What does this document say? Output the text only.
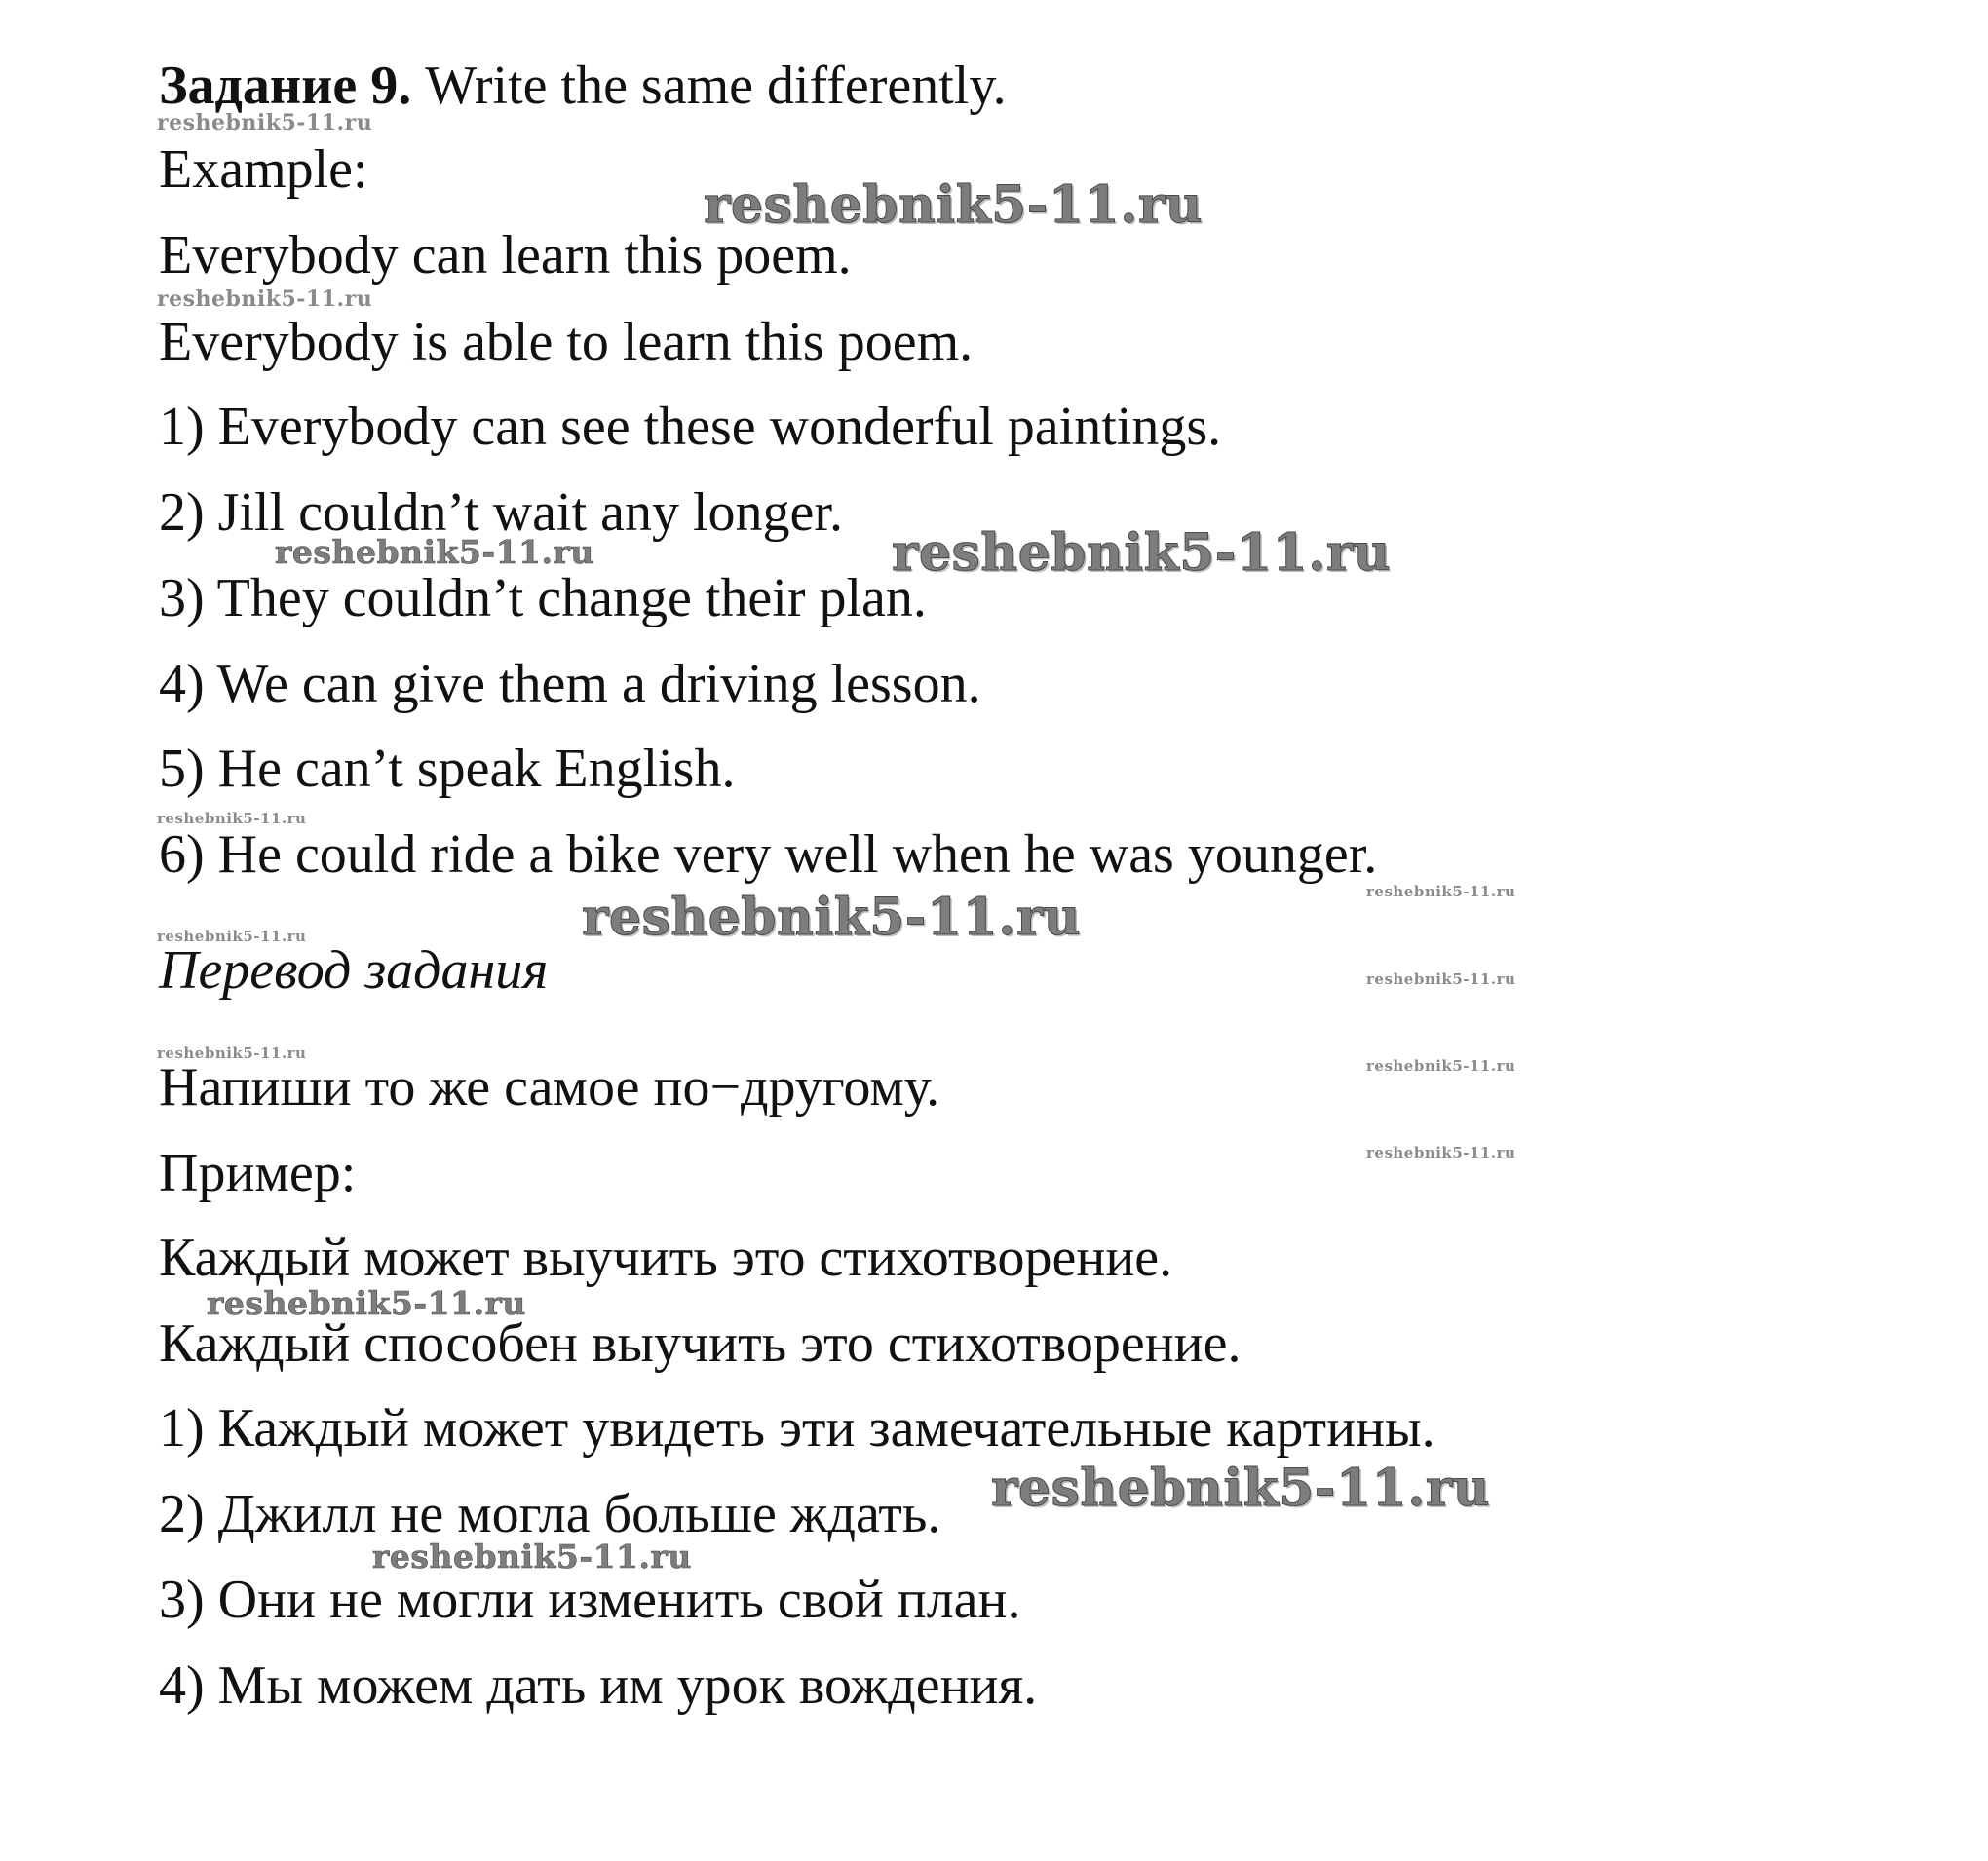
Задание 9. Write the same differently.

Example:

Everybody can learn this poem.

Everybody is able to learn this poem.

1) Everybody can see these wonderful paintings.

2) Jill couldn’t wait any longer.

3) They couldn’t change their plan.

4) We can give them a driving lesson.

5) He can’t speak English.

6) He could ride a bike very well when he was younger.

Перевод задания

Напиши то же самое по−другому.

Пример:

Каждый может выучить это стихотворение.

Каждый способен выучить это стихотворение.

1) Каждый может увидеть эти замечательные картины.

2) Джилл не могла больше ждать.

3) Они не могли изменить свой план.

4) Мы можем дать им урок вождения.

reshebnik5-11.ru
reshebnik5-11.ru
reshebnik5-11.ru
reshebnik5-11.ru	reshebnik5-11.ru
reshebnik5-11.ru
reshebnik5-11.ru
reshebnik5-11.ru
reshebnik5-11.ru
reshebnik5-11.ru
reshebnik5-11.ru
reshebnik5-11.ru
reshebnik5-11.ru
reshebnik5-11.ru
reshebnik5-11.ru
reshebnik5-11.ru
